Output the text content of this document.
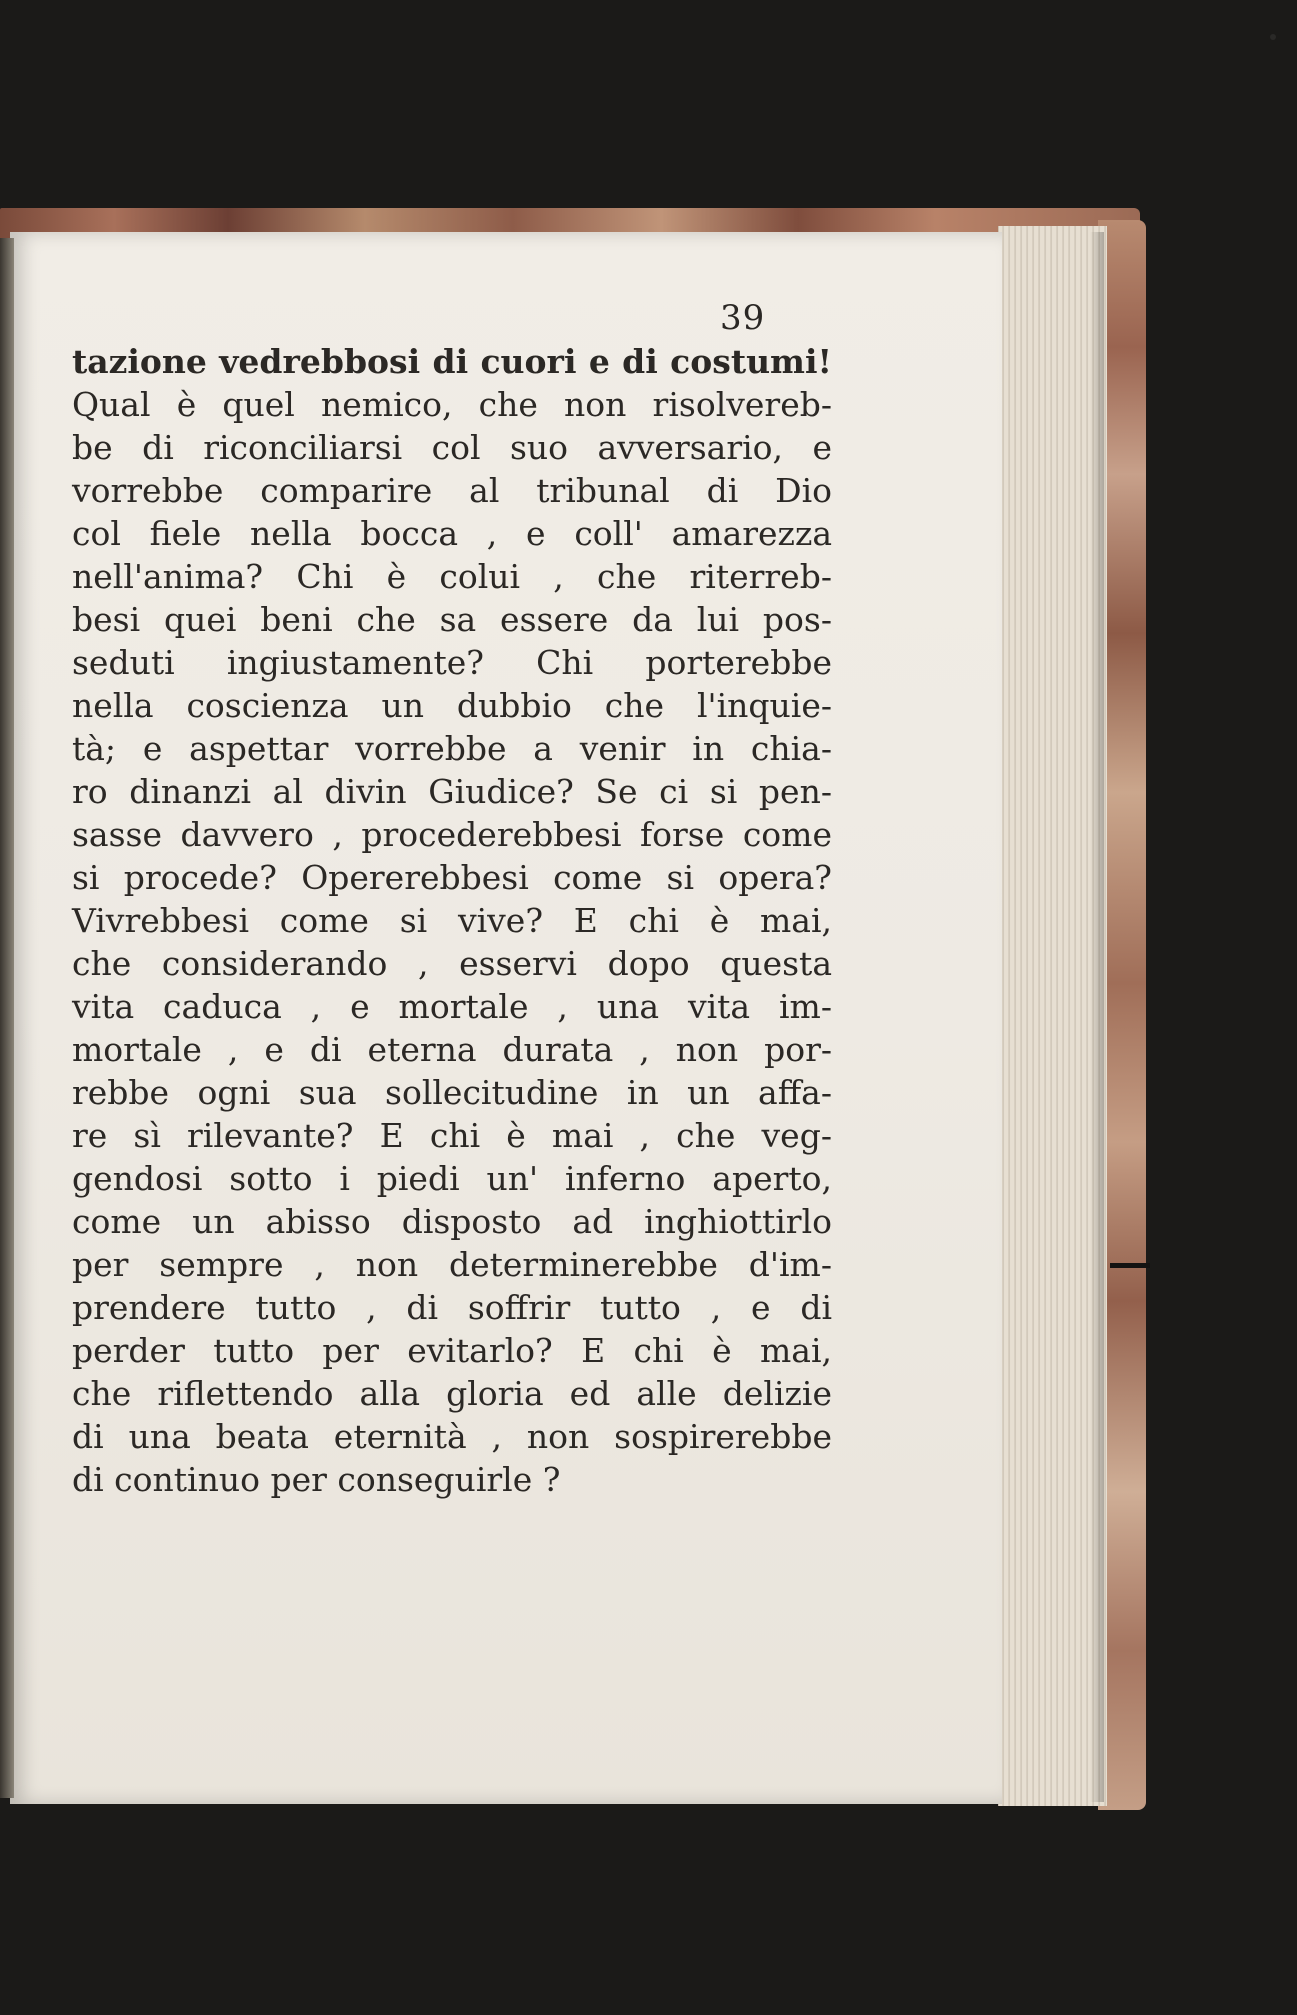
39

tazione vedrebbosi di cuori e di costumi!
Qual è quel nemico, che non risolvereb-
be di riconciliarsi col suo avversario, e
vorrebbe comparire al tribunal di Dio
col fiele nella bocca , e coll' amarezza
nell'anima? Chi è colui , che riterreb-
besi quei beni che sa essere da lui pos-
seduti ingiustamente? Chi porterebbe
nella coscienza un dubbio che l'inquie-
tà; e aspettar vorrebbe a venir in chia-
ro dinanzi al divin Giudice? Se ci si pen-
sasse davvero , procederebbesi forse come
si procede? Opererebbesi come si opera?
Vivrebbesi come si vive? E chi è mai,
che considerando , esservi dopo questa
vita caduca , e mortale , una vita im-
mortale , e di eterna durata , non por-
rebbe ogni sua sollecitudine in un affa-
re sì rilevante? E chi è mai , che veg-
gendosi sotto i piedi un' inferno aperto,
come un abisso disposto ad inghiottirlo
per sempre , non determinerebbe d'im-
prendere tutto , di soffrir tutto , e di
perder tutto per evitarlo? E chi è mai,
che riflettendo alla gloria ed alle delizie
di una beata eternità , non sospirerebbe
di continuo per conseguirle ?
